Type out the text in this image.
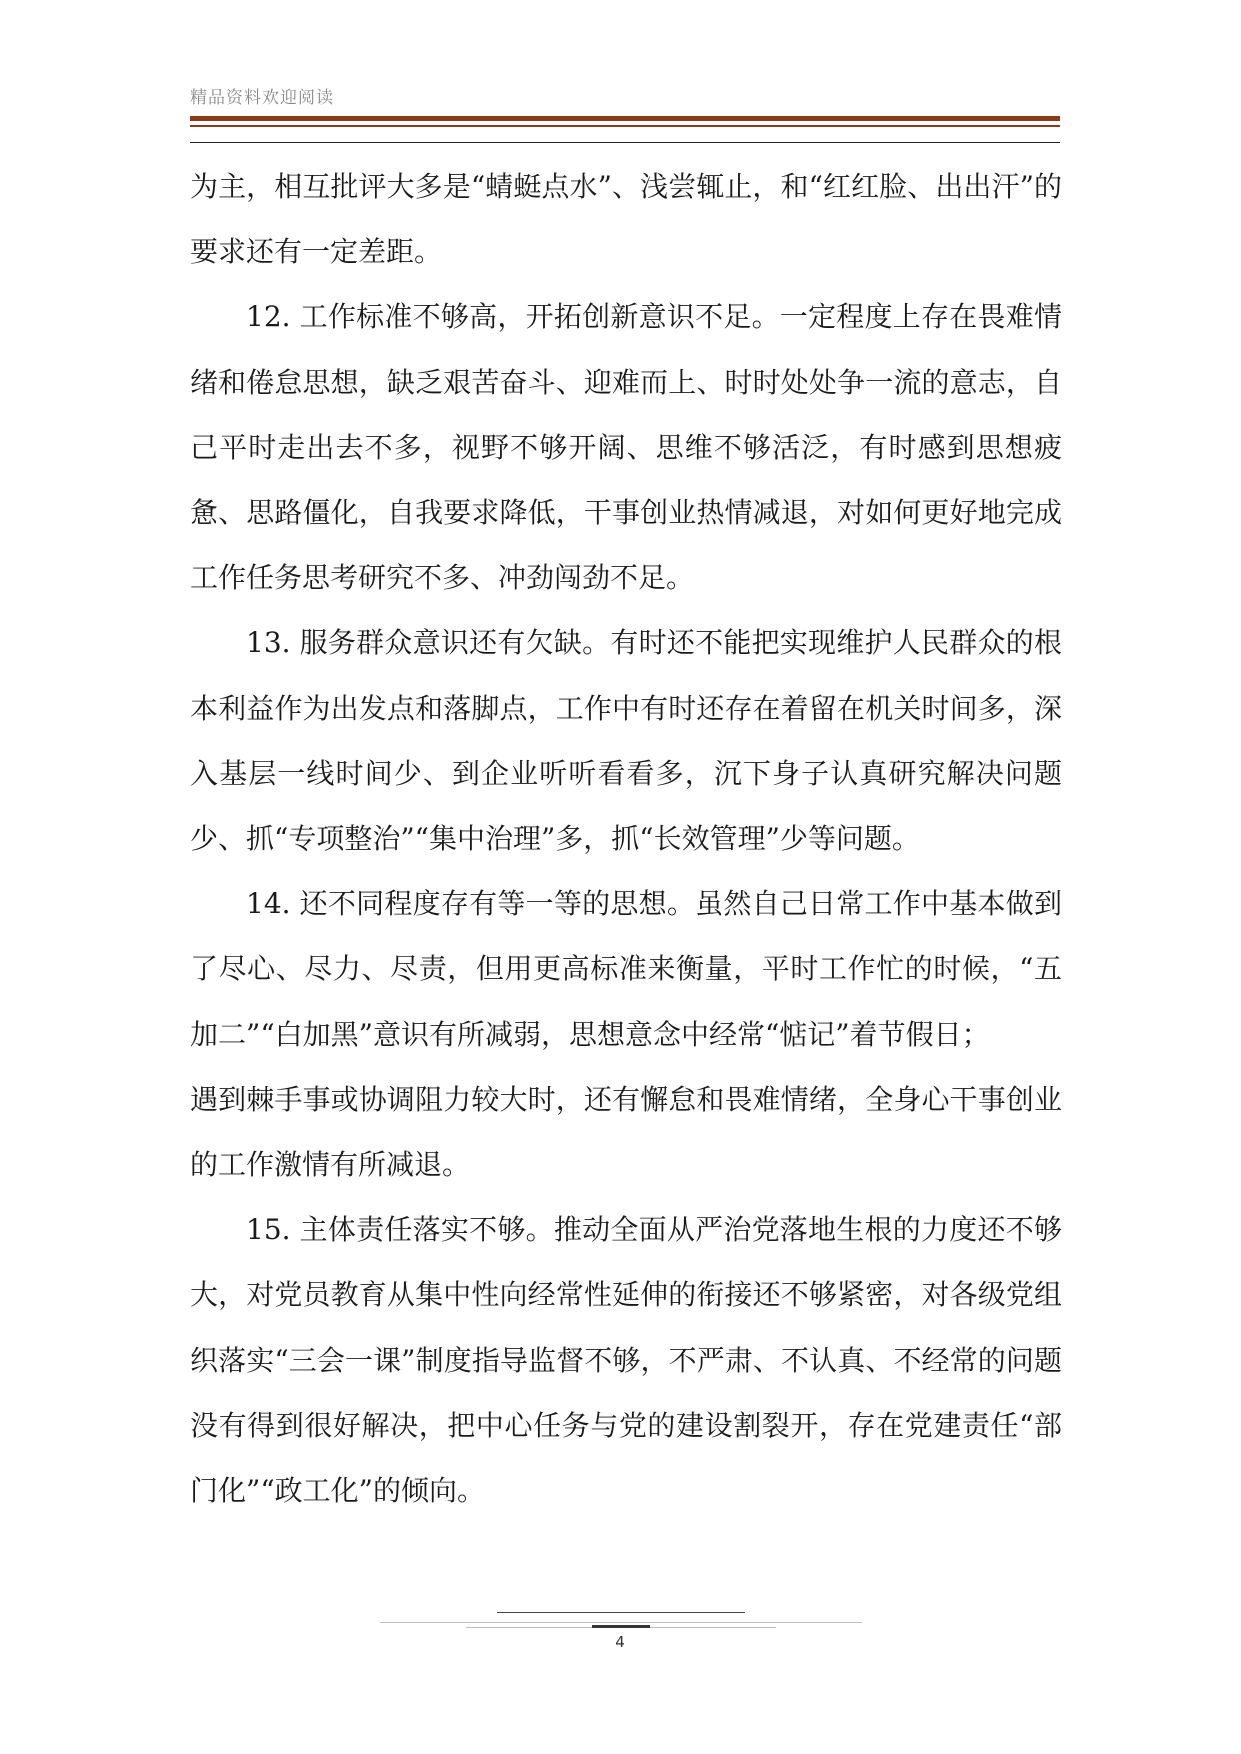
精品资料欢迎阅读

为主，相互批评大多是“蜻蜓点水”、浅尝辄止，和“红红脸、出出汗”的要求还有一定差距。

12. 工作标准不够高，开拓创新意识不足。一定程度上存在畏难情绪和倦怠思想，缺乏艰苦奋斗、迎难而上、时时处处争一流的意志，自己平时走出去不多，视野不够开阔、思维不够活泛，有时感到思想疲惫、思路僵化，自我要求降低，干事创业热情减退，对如何更好地完成工作任务思考研究不多、冲劲闯劲不足。

13. 服务群众意识还有欠缺。有时还不能把实现维护人民群众的根本利益作为出发点和落脚点，工作中有时还存在着留在机关时间多，深入基层一线时间少、到企业听听看看多，沉下身子认真研究解决问题少、抓“专项整治”“集中治理”多，抓“长效管理”少等问题。

14. 还不同程度存有等一等的思想。虽然自己日常工作中基本做到了尽心、尽力、尽责，但用更高标准来衡量，平时工作忙的时候，“五加二”“白加黑”意识有所减弱，思想意念中经常“惦记”着节假日；

遇到棘手事或协调阻力较大时，还有懈怠和畏难情绪，全身心干事创业的工作激情有所减退。

15. 主体责任落实不够。推动全面从严治党落地生根的力度还不够大，对党员教育从集中性向经常性延伸的衔接还不够紧密，对各级党组织落实“三会一课”制度指导监督不够，不严肃、不认真、不经常的问题没有得到很好解决，把中心任务与党的建设割裂开，存在党建责任“部门化”“政工化”的倾向。

4
